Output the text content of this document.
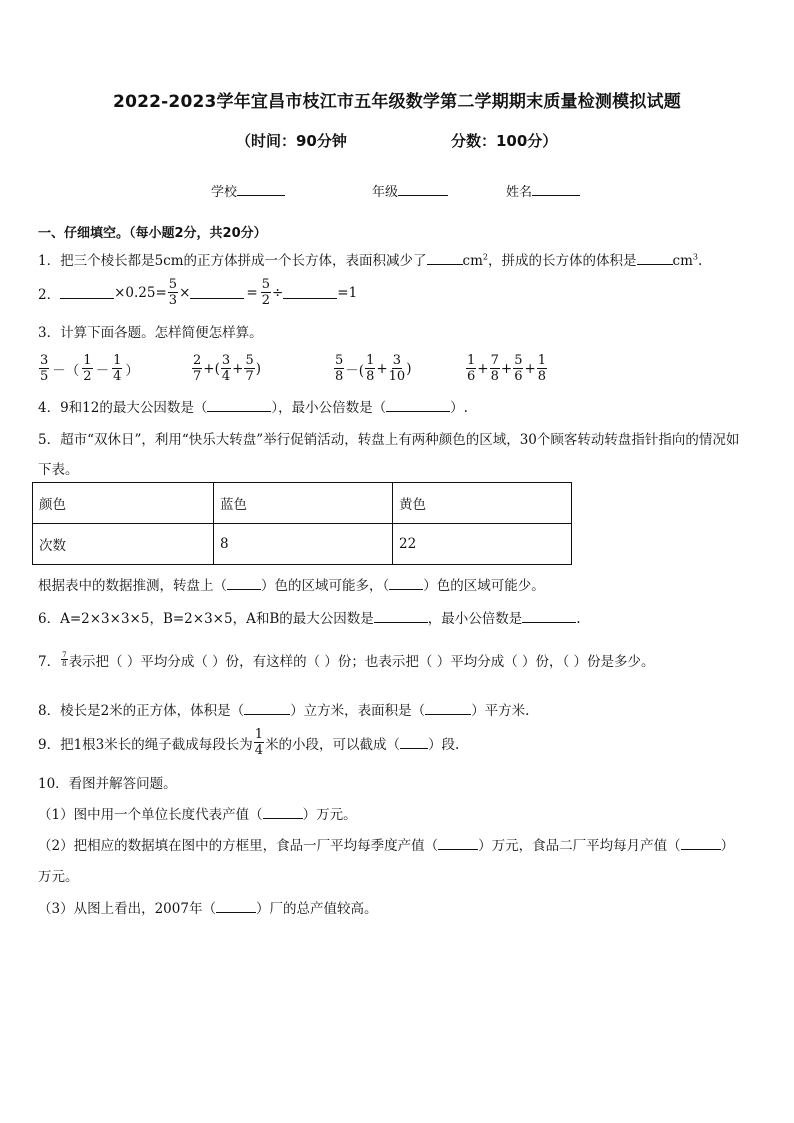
2022-2023学年宜昌市枝江市五年级数学第二学期期末质量检测模拟试题
（时间：90分钟	分数：100分）
学校	年级	姓名
一、仔细填空。（每小题2分，共20分）
1．把三个棱长都是5cm的正方体拼成一个长方体，表面积减少了	$cm^2$，拼成的长方体的体积是	$cm^3$.
2．	$\times 0.25= \frac{5}{3}$ ×	= $\frac{5}{2}$ ÷	=1
3．计算下面各题。怎样简便怎样算。
$\frac{3}{5}$ －（ $\frac{1}{2} - \frac{1}{4}$ ）	$\frac{2}{7}$ +( $\frac{3}{4} + \frac{5}{7}$ )	$\frac{5}{8}$ －( $\frac{1}{8} + \frac{3}{10}$ )	$\frac{1}{6} + \frac{7}{8} + \frac{5}{6} + \frac{1}{8}$
4．9和12的最大公因数是（	），最小公倍数是（	）.
5．超市“双休日”，利用“快乐大转盘”举行促销活动，转盘上有两种颜色的区域，30个顾客转动转盘指针指向的情况如
下表。
颜色	蓝色	黄色
次数	8	22
根据表中的数据推测，转盘上（	）色的区域可能多，（	）色的区域可能少。
6．A=2×3×3×5，B=2×3×5，A和B的最大公因数是	，最小公倍数是	.
7． $\frac{7}{8}$ 表示把（ ）平均分成（ ）份，有这样的（ ）份；也表示把（ ）平均分成（ ）份，（ ）份是多少。
8．棱长是2米的正方体，体积是（	）立方米，表面积是（	）平方米.
9．把1根3米长的绳子截成每段长为 $\frac{1}{4}$ 米的小段，可以截成（ ）段.
10．看图并解答问题。
（1）图中用一个单位长度代表产值（	）万元。
（2）把相应的数据填在图中的方框里，食品一厂平均每季度产值（	）万元，食品二厂平均每月产值（	）
万元。
（3）从图上看出，2007年（	）厂的总产值较高。
